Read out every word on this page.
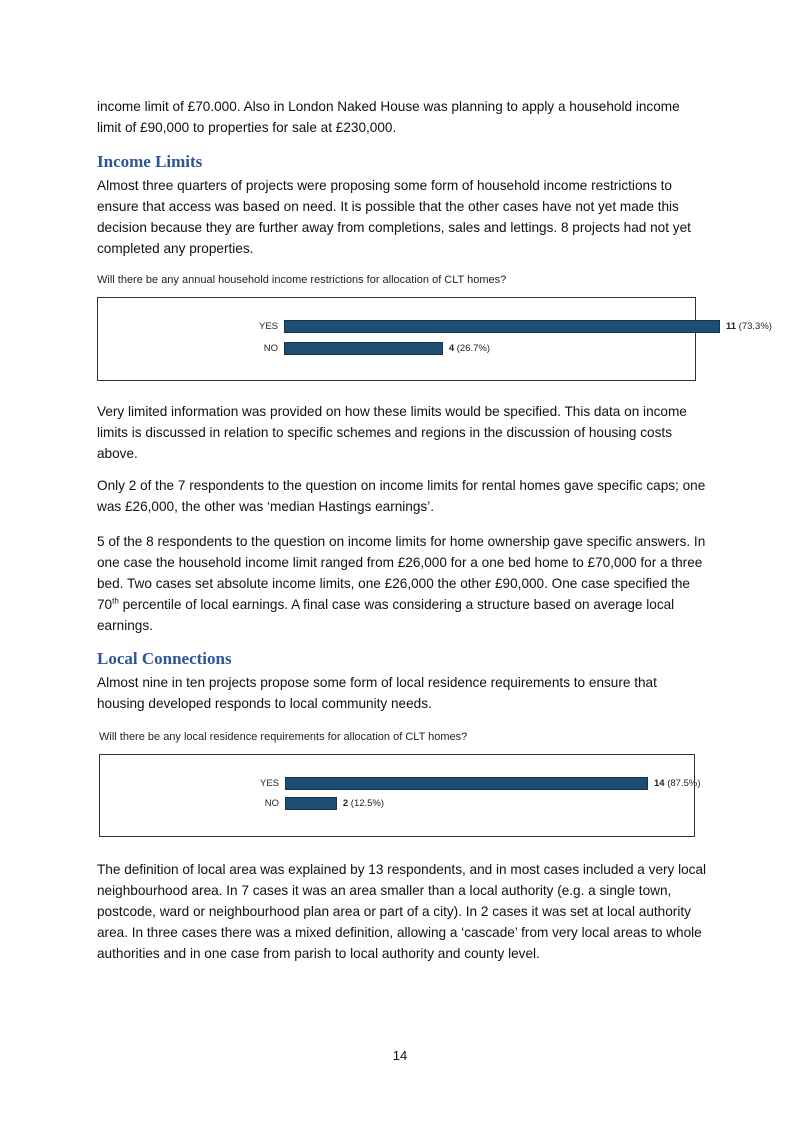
income limit of £70.000. Also in London Naked House was planning to apply a household income
limit of £90,000 to properties for sale at £230,000.

Income Limits

Almost three quarters of projects were proposing some form of household income restrictions to ensure that access was based on need. It is possible that the other cases have not yet made this decision because they are further away from completions, sales and lettings. 8 projects had not yet completed any properties.

Will there be any annual household income restrictions for allocation of CLT homes?

YES	11 (73.3%)
NO	4 (26.7%)

Very limited information was provided on how these limits would be specified. This data on income limits is discussed in relation to specific schemes and regions in the discussion of housing costs above.

Only 2 of the 7 respondents to the question on income limits for rental homes gave specific caps; one was £26,000, the other was ‘median Hastings earnings’.

5 of the 8 respondents to the question on income limits for home ownership gave specific answers. In one case the household income limit ranged from £26,000 for a one bed home to £70,000 for a three bed. Two cases set absolute income limits, one £26,000 the other £90,000. One case specified the 70th percentile of local earnings. A final case was considering a structure based on average local earnings.

Local Connections

Almost nine in ten projects propose some form of local residence requirements to ensure that housing developed responds to local community needs.

Will there be any local residence requirements for allocation of CLT homes?

YES	14 (87.5%)
NO	2 (12.5%)

The definition of local area was explained by 13 respondents, and in most cases included a very local neighbourhood area. In 7 cases it was an area smaller than a local authority (e.g. a single town, postcode, ward or neighbourhood plan area or part of a city). In 2 cases it was set at local authority area. In three cases there was a mixed definition, allowing a ‘cascade’ from very local areas to whole authorities and in one case from parish to local authority and county level.

14
